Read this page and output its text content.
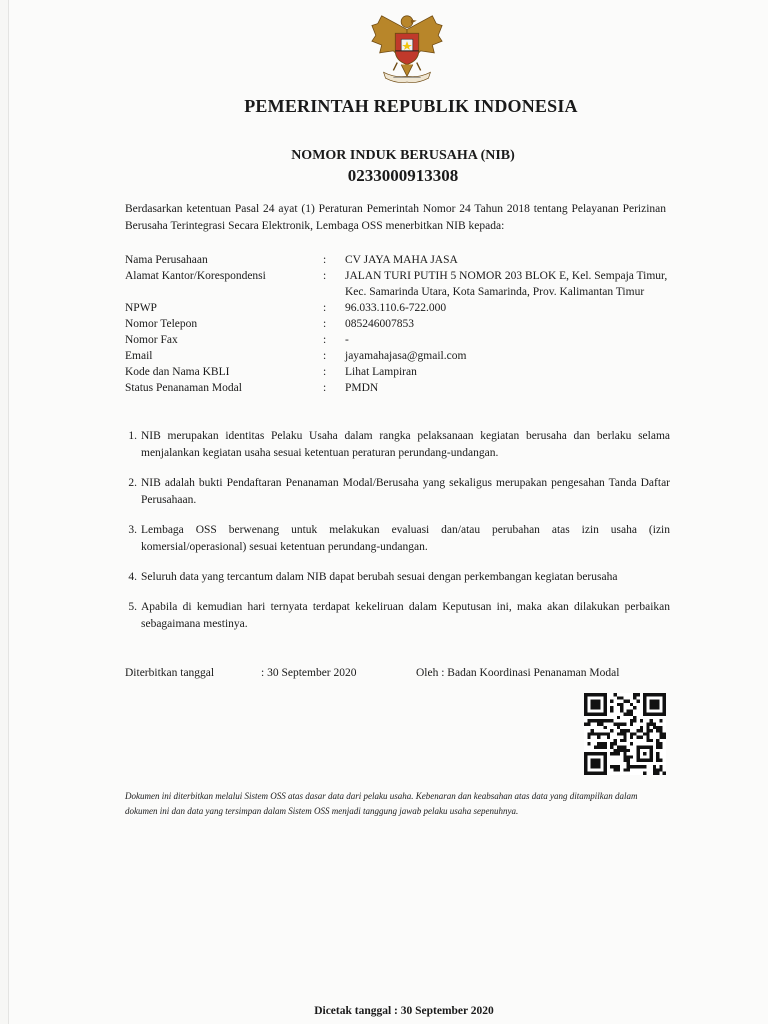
PEMERINTAH REPUBLIK INDONESIA
NOMOR INDUK BERUSAHA (NIB)
0233000913308
Berdasarkan ketentuan Pasal 24 ayat (1) Peraturan Pemerintah Nomor 24 Tahun 2018 tentang Pelayanan Perizinan Berusaha Terintegrasi Secara Elektronik, Lembaga OSS menerbitkan NIB kepada:
Nama Perusahaan	:	CV JAYA MAHA JASA
Alamat Kantor/Korespondensi	:	JALAN TURI PUTIH 5 NOMOR 203 BLOK E, Kel. Sempaja Timur, Kec. Samarinda Utara, Kota Samarinda, Prov. Kalimantan Timur
NPWP	:	96.033.110.6-722.000
Nomor Telepon	:	085246007853
Nomor Fax	:	-
Email	:	jayamahajasa@gmail.com
Kode dan Nama KBLI	:	Lihat Lampiran
Status Penanaman Modal	:	PMDN
1. NIB merupakan identitas Pelaku Usaha dalam rangka pelaksanaan kegiatan berusaha dan berlaku selama menjalankan kegiatan usaha sesuai ketentuan peraturan perundang-undangan.
2. NIB adalah bukti Pendaftaran Penanaman Modal/Berusaha yang sekaligus merupakan pengesahan Tanda Daftar Perusahaan.
3. Lembaga OSS berwenang untuk melakukan evaluasi dan/atau perubahan atas izin usaha (izin komersial/operasional) sesuai ketentuan perundang-undangan.
4. Seluruh data yang tercantum dalam NIB dapat berubah sesuai dengan perkembangan kegiatan berusaha
5. Apabila di kemudian hari ternyata terdapat kekeliruan dalam Keputusan ini, maka akan dilakukan perbaikan sebagaimana mestinya.
Diterbitkan tanggal	: 30 September 2020	Oleh : Badan Koordinasi Penanaman Modal
Dokumen ini diterbitkan melalui Sistem OSS atas dasar data dari pelaku usaha. Kebenaran dan keabsahan atas data yang ditampilkan dalam dokumen ini dan data yang tersimpan dalam Sistem OSS menjadi tanggung jawab pelaku usaha sepenuhnya.
Dicetak tanggal : 30 September 2020
